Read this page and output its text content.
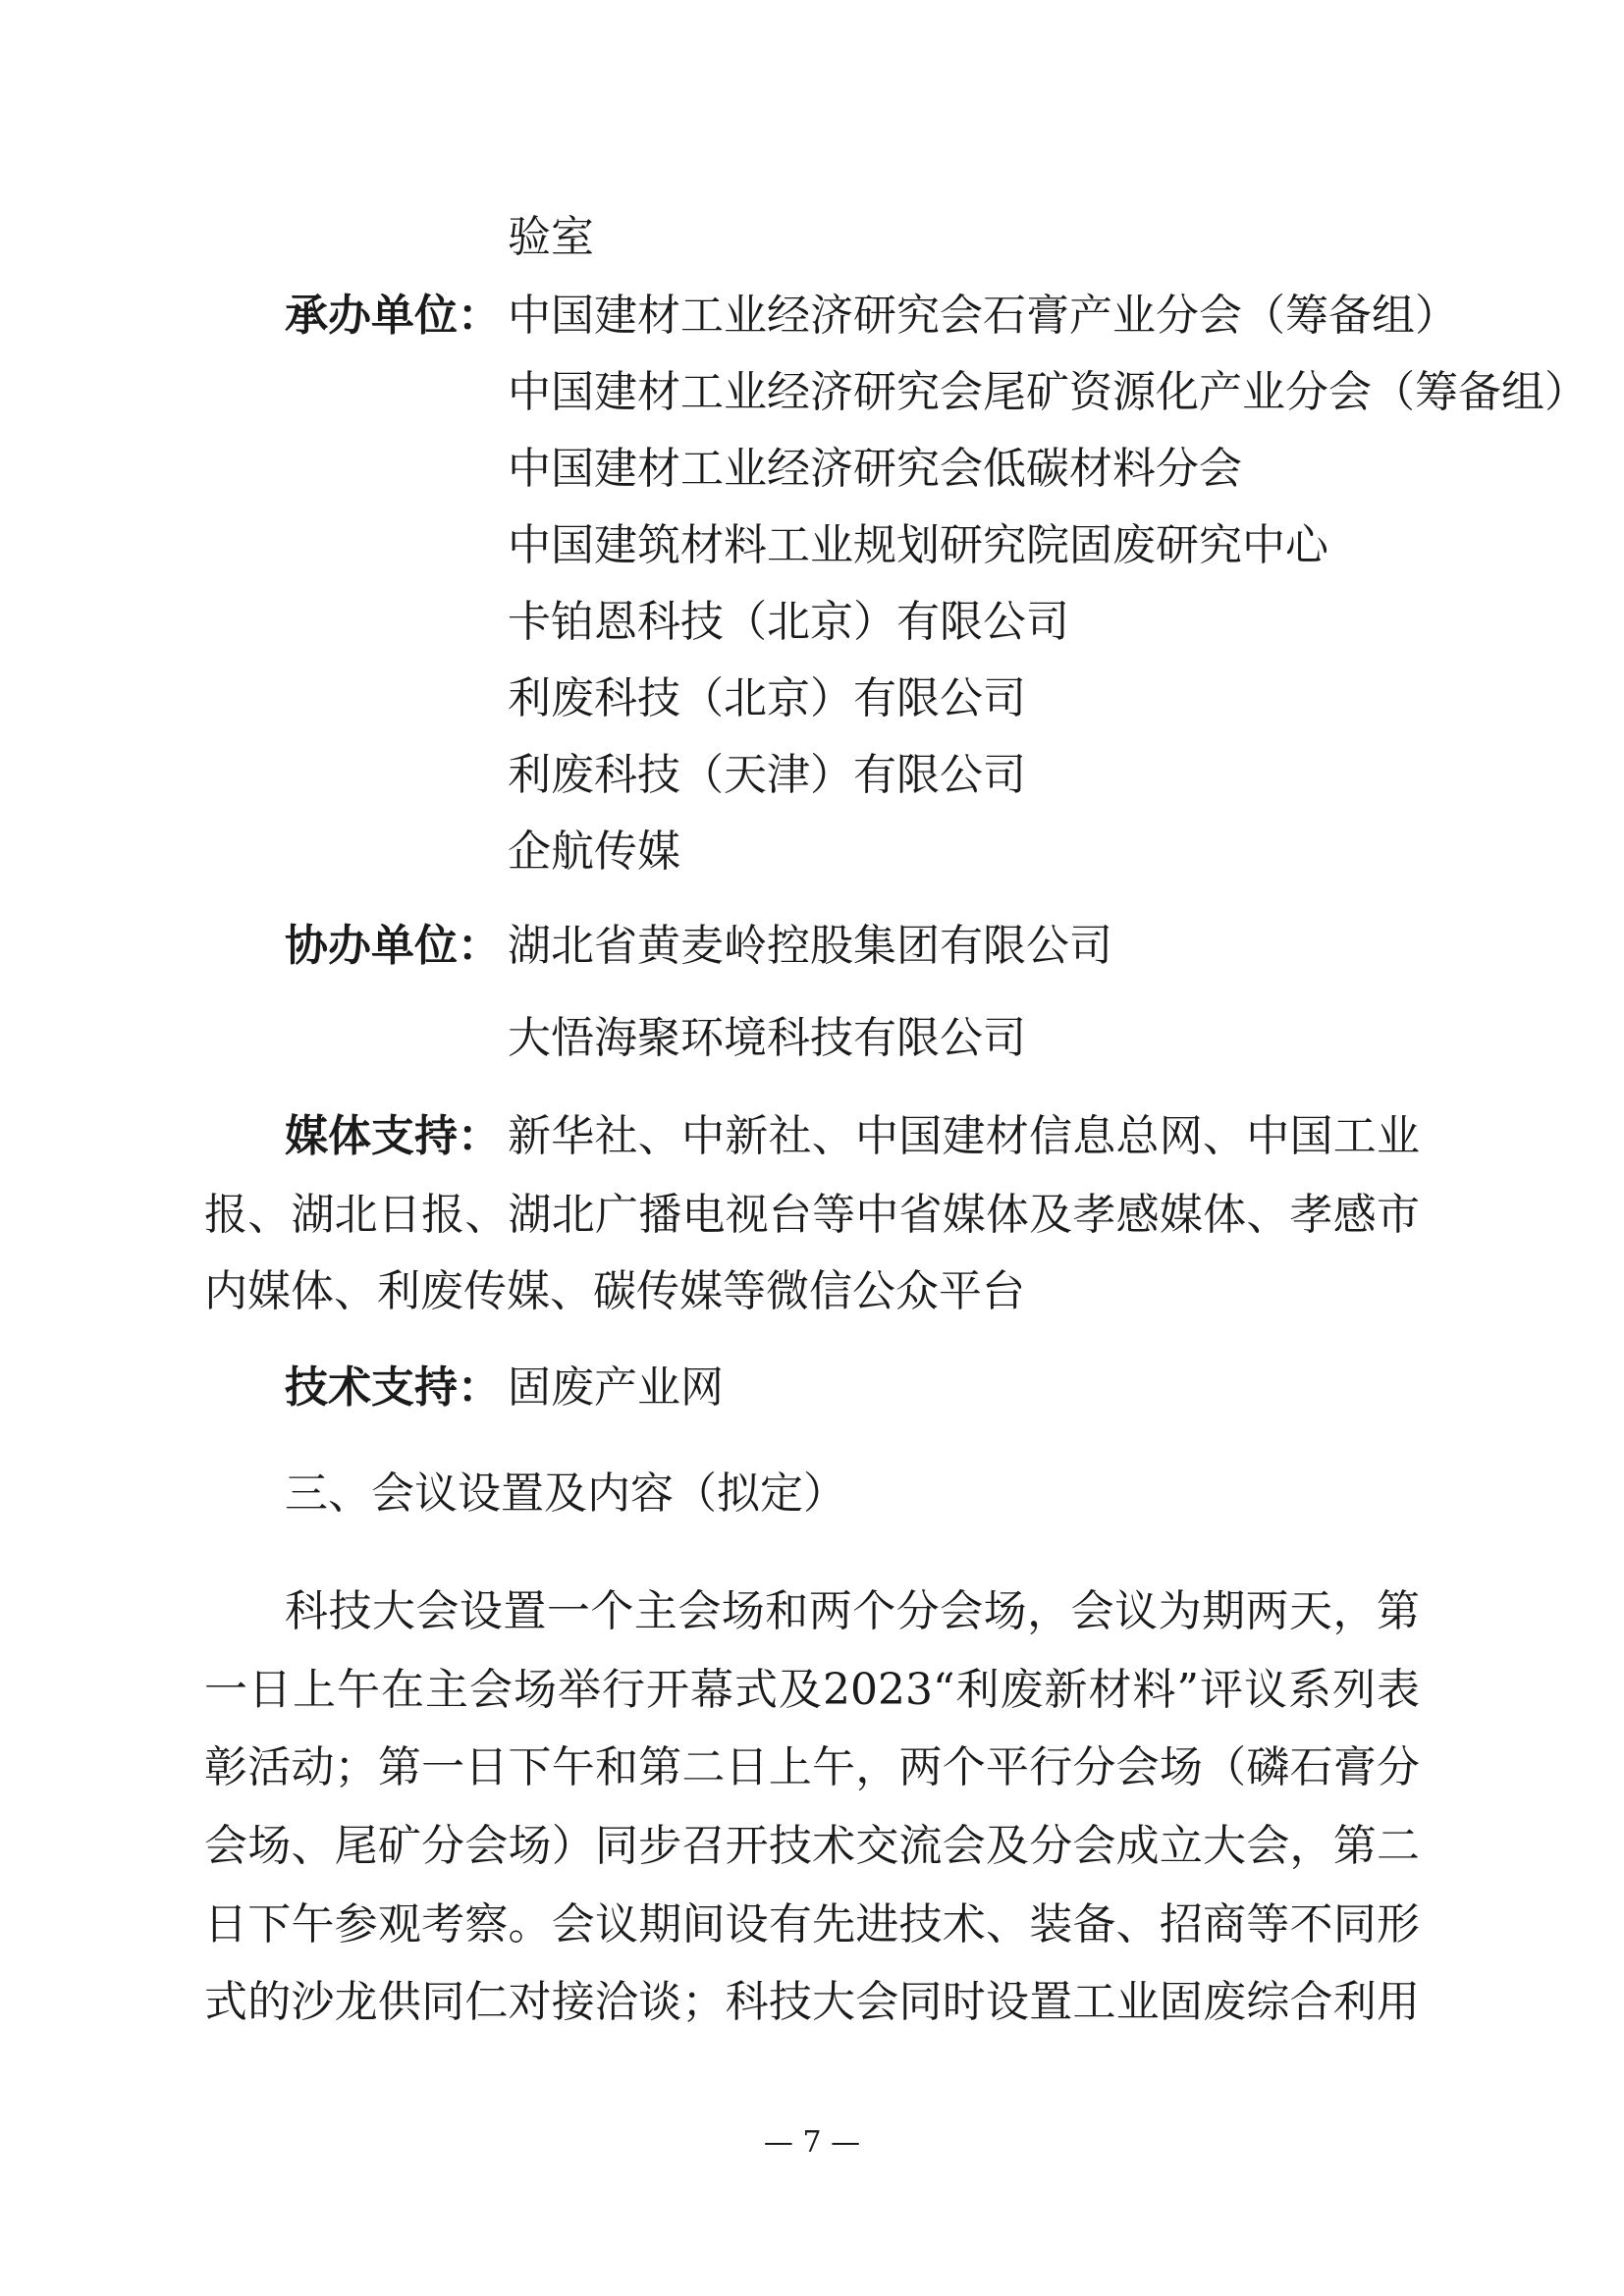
验室
承办单位： 中国建材工业经济研究会石膏产业分会（筹备组）
中国建材工业经济研究会尾矿资源化产业分会（筹备组）
中国建材工业经济研究会低碳材料分会
中国建筑材料工业规划研究院固废研究中心
卡铂恩科技（北京）有限公司
利废科技（北京）有限公司
利废科技（天津）有限公司
企航传媒
协办单位： 湖北省黄麦岭控股集团有限公司
大悟海聚环境科技有限公司
媒体支持： 新华社、中新社、中国建材信息总网、中国工业
报、湖北日报、湖北广播电视台等中省媒体及孝感媒体、孝感市
内媒体、利废传媒、碳传媒等微信公众平台
技术支持： 固废产业网
三、会议设置及内容（拟定）
科技大会设置一个主会场和两个分会场，会议为期两天，第
一日上午在主会场举行开幕式及2023“利废新材料”评议系列表
彰活动；第一日下午和第二日上午，两个平行分会场（磷石膏分
会场、尾矿分会场）同步召开技术交流会及分会成立大会，第二
日下午参观考察。会议期间设有先进技术、装备、招商等不同形
式的沙龙供同仁对接洽谈；科技大会同时设置工业固废综合利用
— 7 —
